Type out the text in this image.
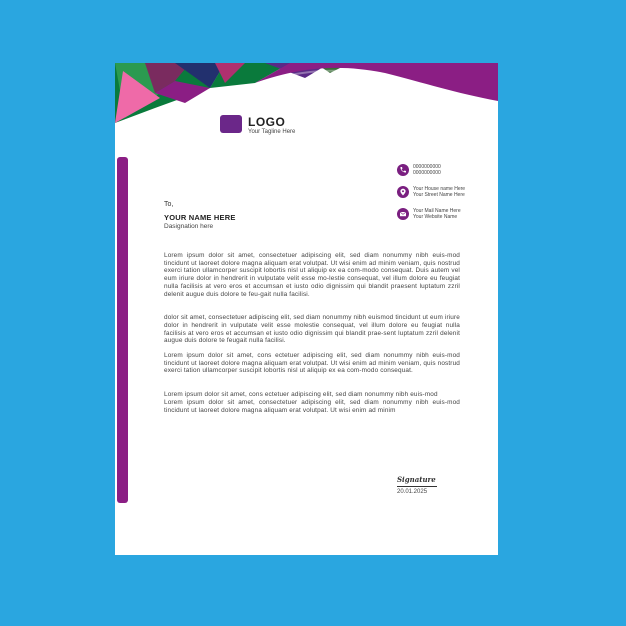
LOGO
Your Tagline Here
0000000000
0000000000
Your House name Here
Your Street Name Here
Your Mail Name Here
Your Website Name
To,
YOUR NAME HERE
Dasignation here

Lorem ipsum dolor sit amet, consectetuer adipiscing elit, sed diam nonummy nibh euis-mod tincidunt ut laoreet dolore magna aliquam erat volutpat. Ut wisi enim ad minim veniam, quis nostrud exerci tation ullamcorper suscipit lobortis nisl ut aliquip ex ea com-modo consequat. Duis autem vel eum iriure dolor in hendrerit in vulputate velit esse mo-lestie consequat, vel illum dolore eu feugiat nulla facilisis at vero eros et accumsan et iusto odio dignissim qui blandit praesent luptatum zzril delenit augue duis dolore te feu-gait nulla facilisi.

dolor sit amet, consectetuer adipiscing elit, sed diam nonummy nibh euismod tincidunt ut eum iriure dolor in hendrerit in vulputate velit esse molestie consequat, vel illum dolore eu feugiat nulla facilisis at vero eros et accumsan et iusto odio dignissim qui blandit prae-sent luptatum zzril delenit augue duis dolore te feugait nulla facilisi.

Lorem ipsum dolor sit amet, cons ectetuer adipiscing elit, sed diam nonummy nibh euis-mod tincidunt ut laoreet dolore magna aliquam erat volutpat. Ut wisi enim ad minim veniam, quis nostrud exerci tation ullamcorper suscipit lobortis nisl ut aliquip ex ea com-modo consequat.

Lorem ipsum dolor sit amet, cons ectetuer adipiscing elit, sed diam nonummy nibh euis-mod

Lorem ipsum dolor sit amet, consectetuer adipiscing elit, sed diam nonummy nibh euis-mod tincidunt ut laoreet dolore magna aliquam erat volutpat. Ut wisi enim ad minim

Signature
20.01.2025
